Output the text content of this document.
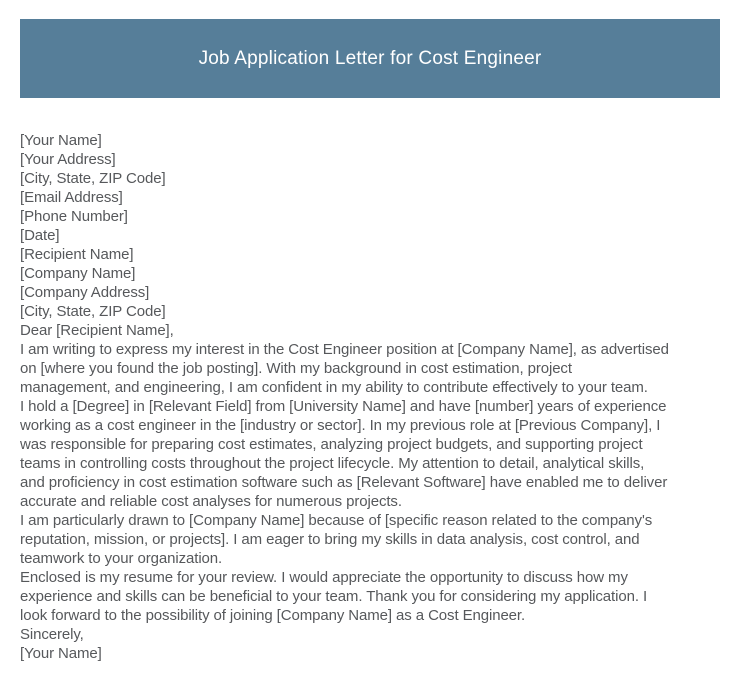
Job Application Letter for Cost Engineer
[Your Name]
[Your Address]
[City, State, ZIP Code]
[Email Address]
[Phone Number]
[Date]
[Recipient Name]
[Company Name]
[Company Address]
[City, State, ZIP Code]
Dear [Recipient Name],
I am writing to express my interest in the Cost Engineer position at [Company Name], as advertised
on [where you found the job posting]. With my background in cost estimation, project
management, and engineering, I am confident in my ability to contribute effectively to your team.
I hold a [Degree] in [Relevant Field] from [University Name] and have [number] years of experience
working as a cost engineer in the [industry or sector]. In my previous role at [Previous Company], I
was responsible for preparing cost estimates, analyzing project budgets, and supporting project
teams in controlling costs throughout the project lifecycle. My attention to detail, analytical skills,
and proficiency in cost estimation software such as [Relevant Software] have enabled me to deliver
accurate and reliable cost analyses for numerous projects.
I am particularly drawn to [Company Name] because of [specific reason related to the company's
reputation, mission, or projects]. I am eager to bring my skills in data analysis, cost control, and
teamwork to your organization.
Enclosed is my resume for your review. I would appreciate the opportunity to discuss how my
experience and skills can be beneficial to your team. Thank you for considering my application. I
look forward to the possibility of joining [Company Name] as a Cost Engineer.
Sincerely,
[Your Name]
